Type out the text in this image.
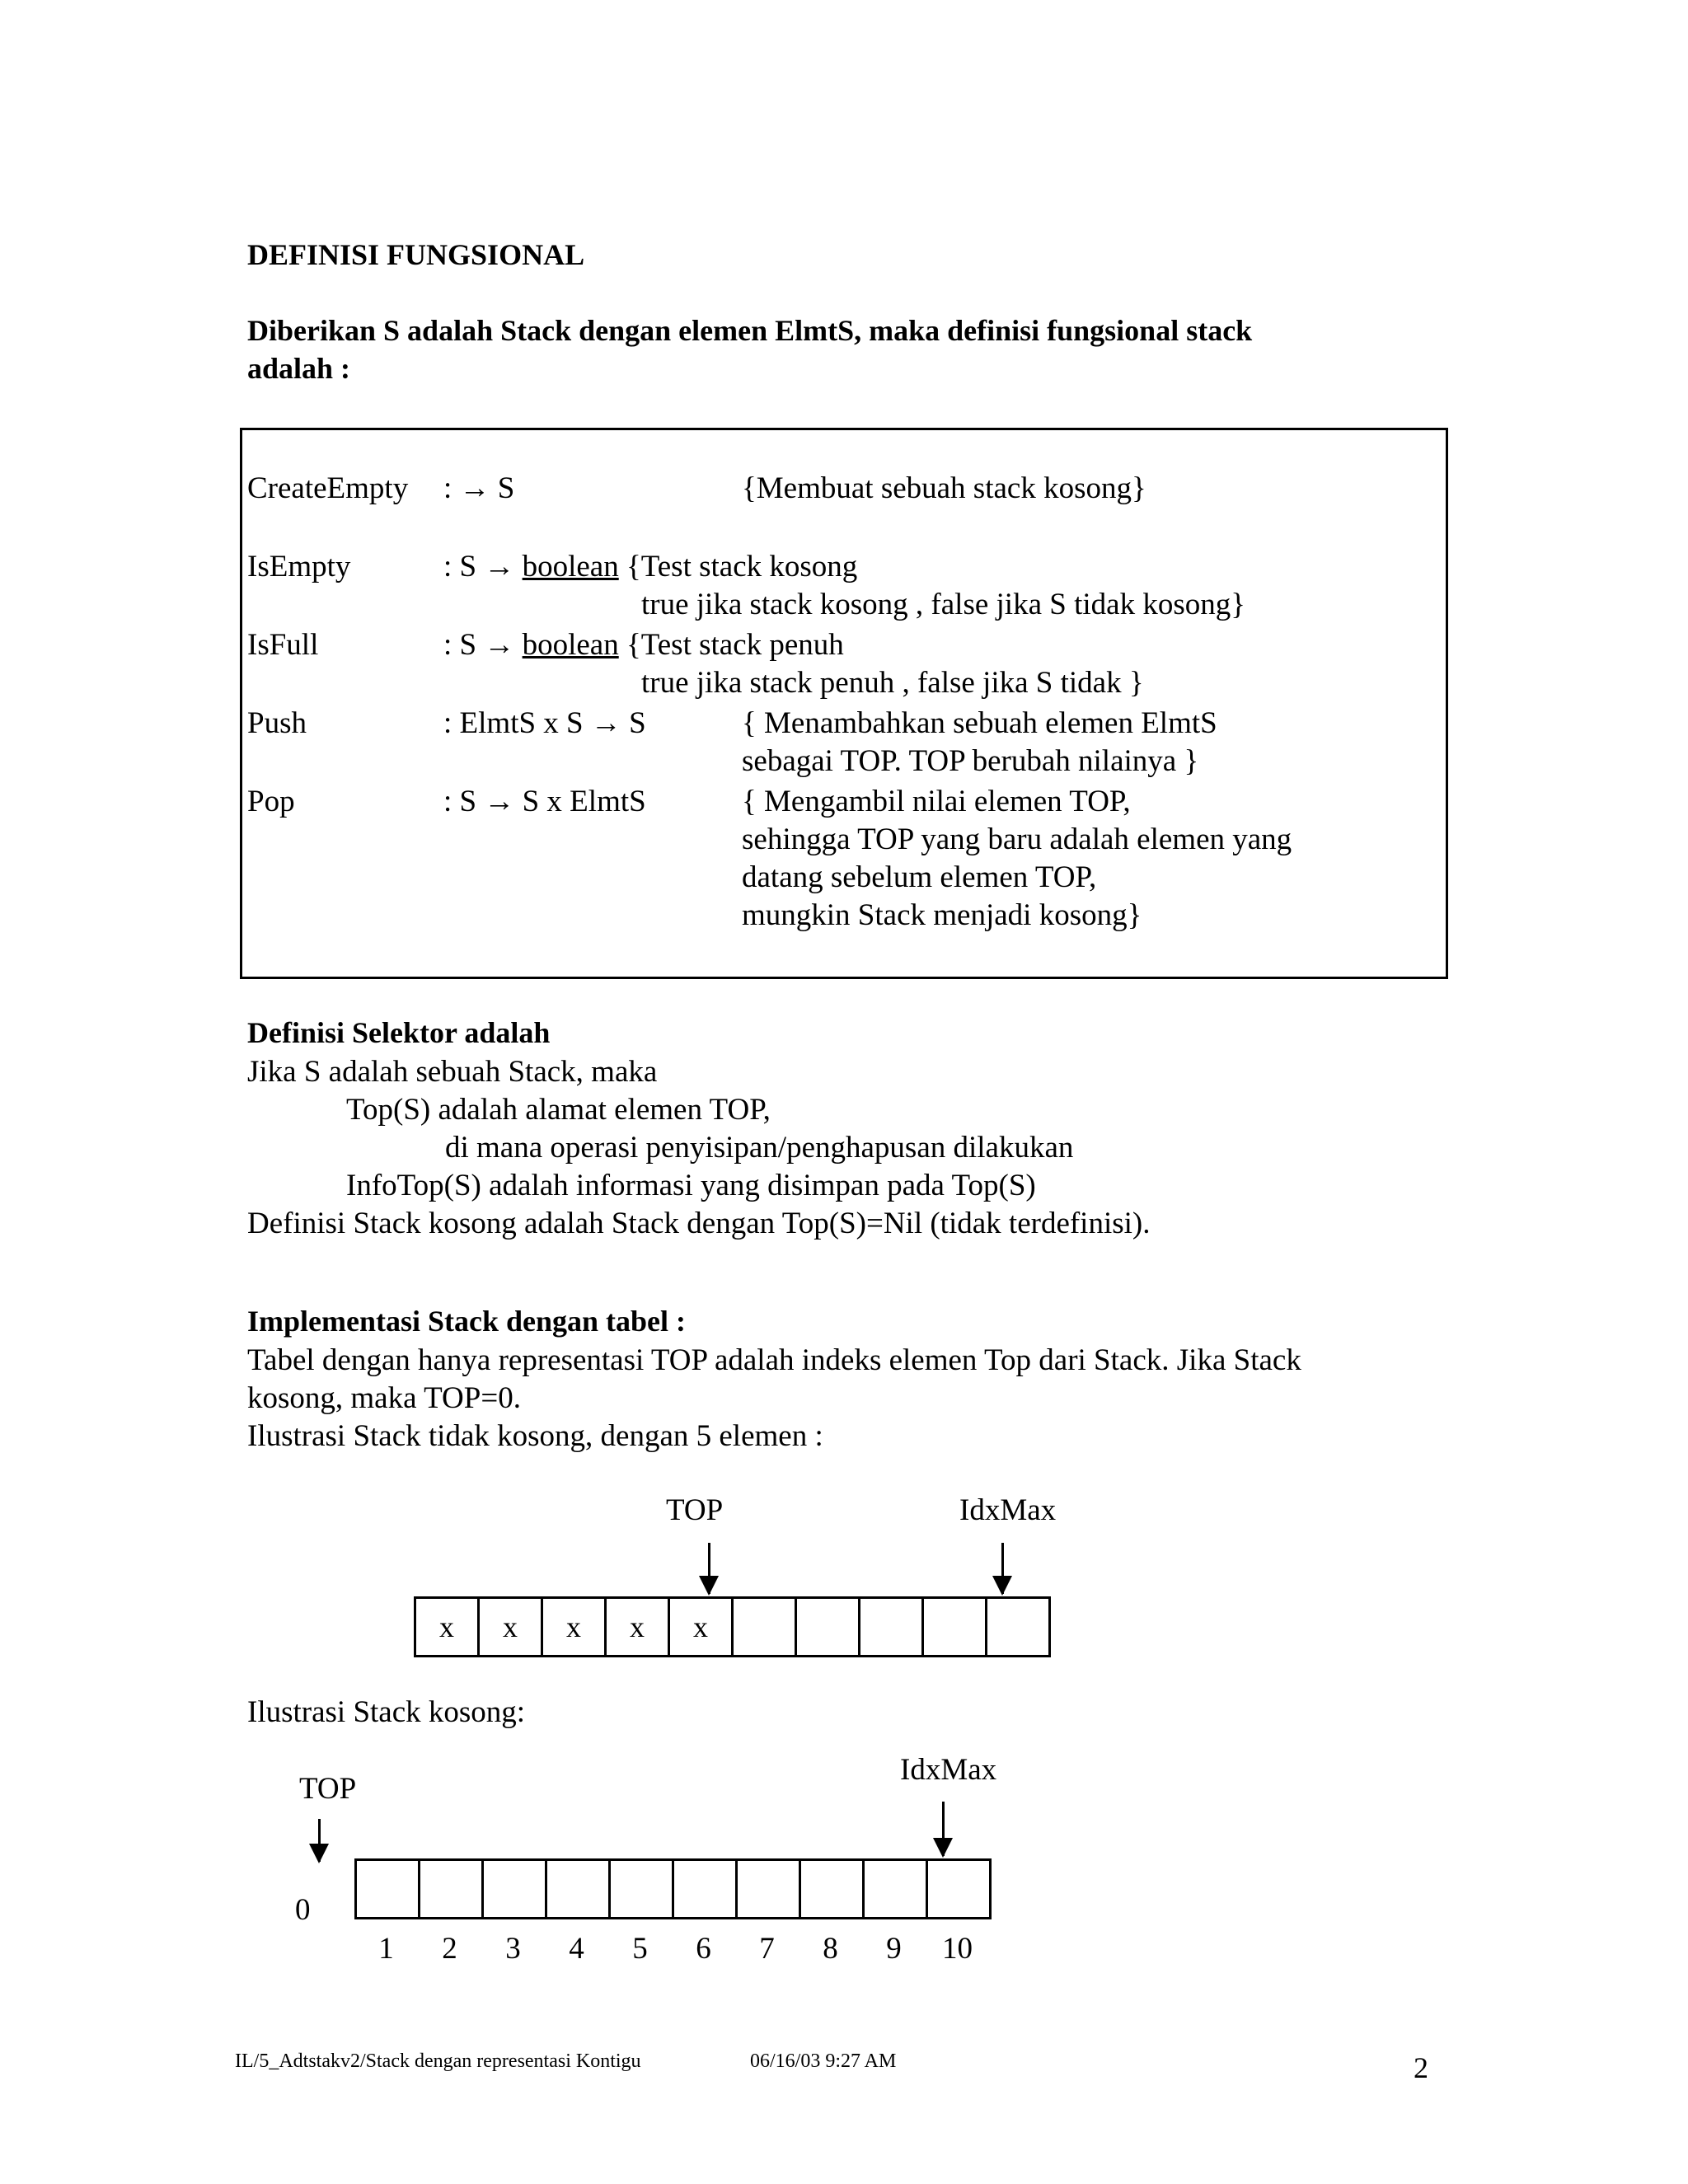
DEFINISI FUNGSIONAL
Diberikan S adalah Stack dengan elemen ElmtS, maka definisi fungsional stack
adalah :
CreateEmpty : → S	{Membuat sebuah stack kosong}
IsEmpty	: S → boolean {Test stack kosong
true jika stack kosong , false jika S tidak kosong}
IsFull	: S → boolean {Test stack penuh
true jika stack penuh , false jika S tidak }
Push	: ElmtS x S → S	{ Menambahkan sebuah elemen ElmtS
sebagai TOP. TOP berubah nilainya }
Pop	: S → S x ElmtS	{ Mengambil nilai elemen TOP,
sehingga TOP yang baru adalah elemen yang
datang sebelum elemen TOP,
mungkin Stack menjadi kosong}
Definisi Selektor adalah
Jika S adalah sebuah Stack, maka
Top(S) adalah alamat elemen TOP,
di mana operasi penyisipan/penghapusan dilakukan
InfoTop(S) adalah informasi yang disimpan pada Top(S)
Definisi Stack kosong adalah Stack dengan Top(S)=Nil (tidak terdefinisi).
Implementasi Stack dengan tabel :
Tabel dengan hanya representasi TOP adalah indeks elemen Top dari Stack. Jika Stack
kosong, maka TOP=0.
Ilustrasi Stack tidak kosong, dengan 5 elemen :
TOP	IdxMax
x	x	x	x	x
Ilustrasi Stack kosong:
TOP
IdxMax
0
1	2	3	4	5	6	7	8	9	10
IL/5_Adtstakv2/Stack dengan representasi Kontigu	06/16/03 9:27 AM	2
